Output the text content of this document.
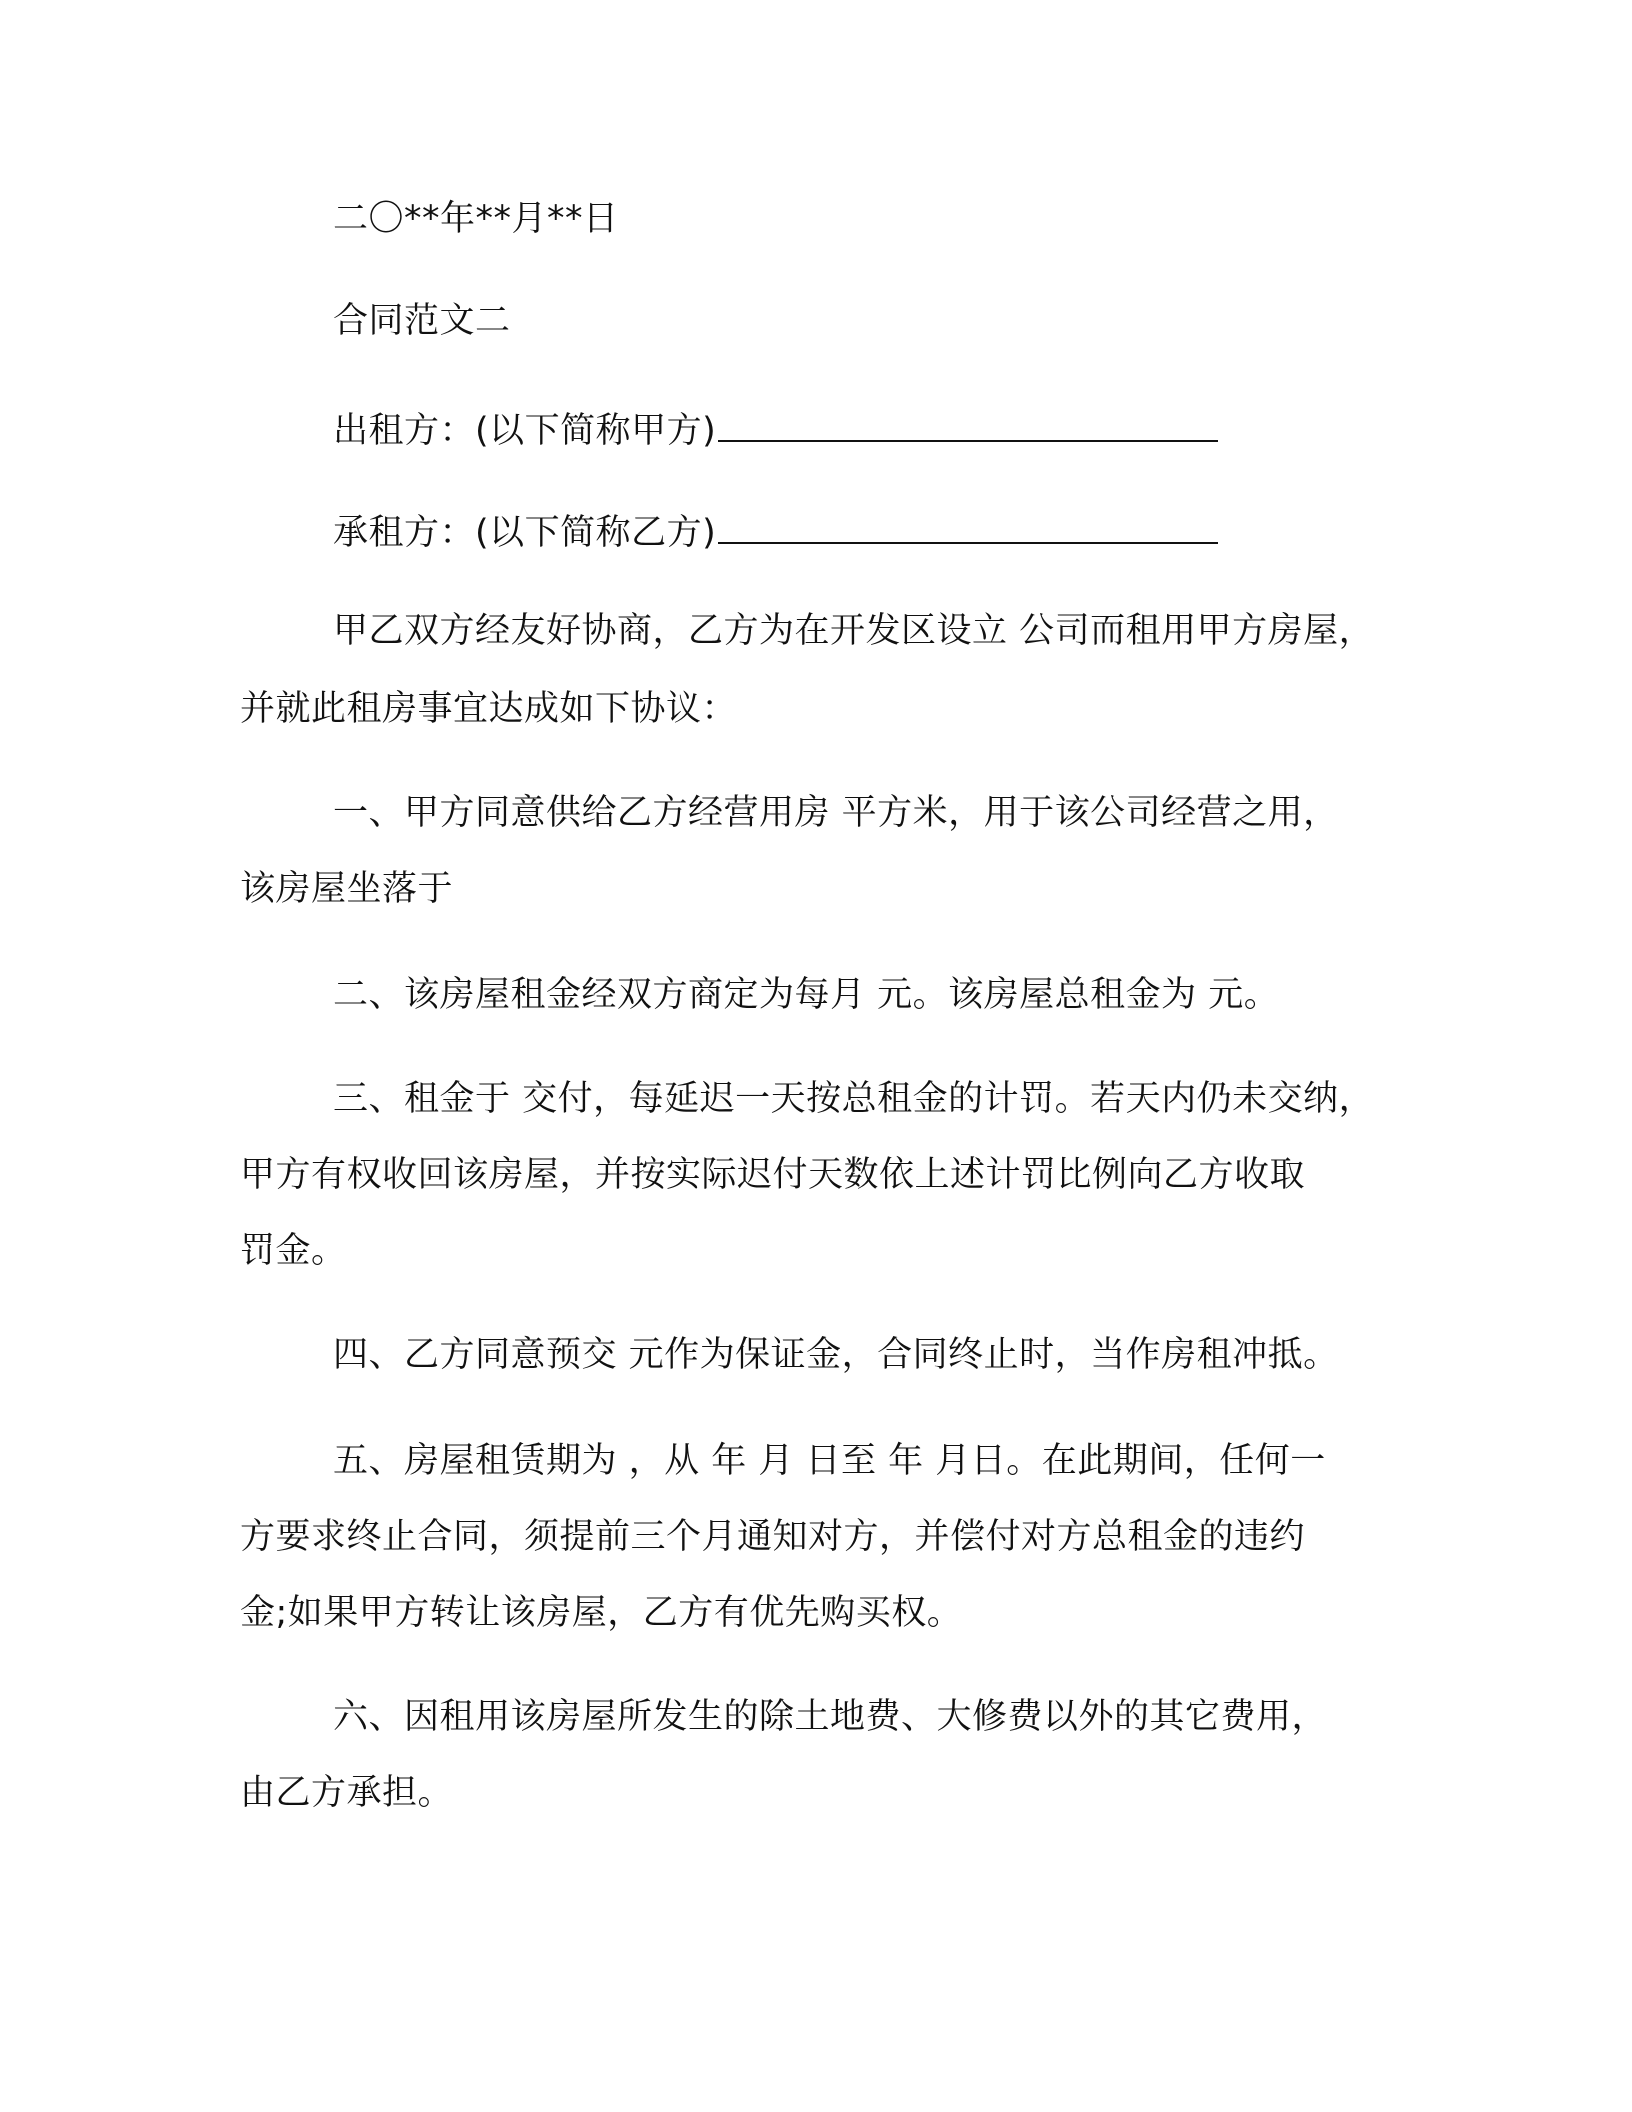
二〇**年**月**日
合同范文二
出租方：(以下简称甲方)
承租方：(以下简称乙方)
甲乙双方经友好协商，乙方为在开发区设立 公司而租用甲方房屋，
并就此租房事宜达成如下协议：
一、甲方同意供给乙方经营用房 平方米，用于该公司经营之用，
该房屋坐落于
二、该房屋租金经双方商定为每月 元。该房屋总租金为 元。
三、租金于 交付，每延迟一天按总租金的计罚。若天内仍未交纳，
甲方有权收回该房屋，并按实际迟付天数依上述计罚比例向乙方收取
罚金。
四、乙方同意预交 元作为保证金，合同终止时，当作房租冲抵。
五、房屋租赁期为 ，从 年 月 日至 年 月日。在此期间，任何一
方要求终止合同，须提前三个月通知对方，并偿付对方总租金的违约
金;如果甲方转让该房屋，乙方有优先购买权。
六、因租用该房屋所发生的除土地费、大修费以外的其它费用，
由乙方承担。
